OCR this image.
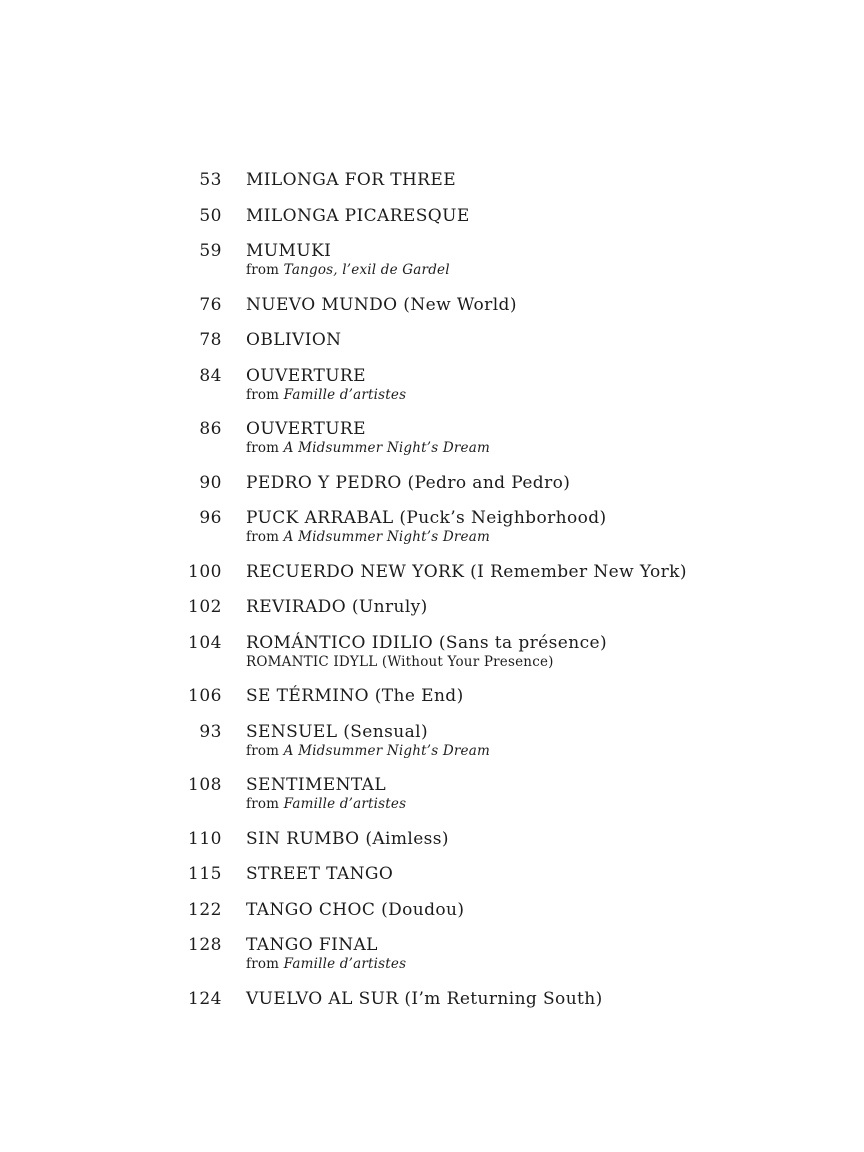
53 MILONGA FOR THREE
50 MILONGA PICARESQUE
59 MUMUKI
from Tangos, l’exil de Gardel
76 NUEVO MUNDO (New World)
78 OBLIVION
84 OUVERTURE
from Famille d’artistes
86 OUVERTURE
from A Midsummer Night’s Dream
90 PEDRO Y PEDRO (Pedro and Pedro)
96 PUCK ARRABAL (Puck’s Neighborhood)
from A Midsummer Night’s Dream
100 RECUERDO NEW YORK (I Remember New York)
102 REVIRADO (Unruly)
104 ROMÁNTICO IDILIO (Sans ta présence)
ROMANTIC IDYLL (Without Your Presence)
106 SE TÉRMINO (The End)
93 SENSUEL (Sensual)
from A Midsummer Night’s Dream
108 SENTIMENTAL
from Famille d’artistes
110 SIN RUMBO (Aimless)
115 STREET TANGO
122 TANGO CHOC (Doudou)
128 TANGO FINAL
from Famille d’artistes
124 VUELVO AL SUR (I’m Returning South)
